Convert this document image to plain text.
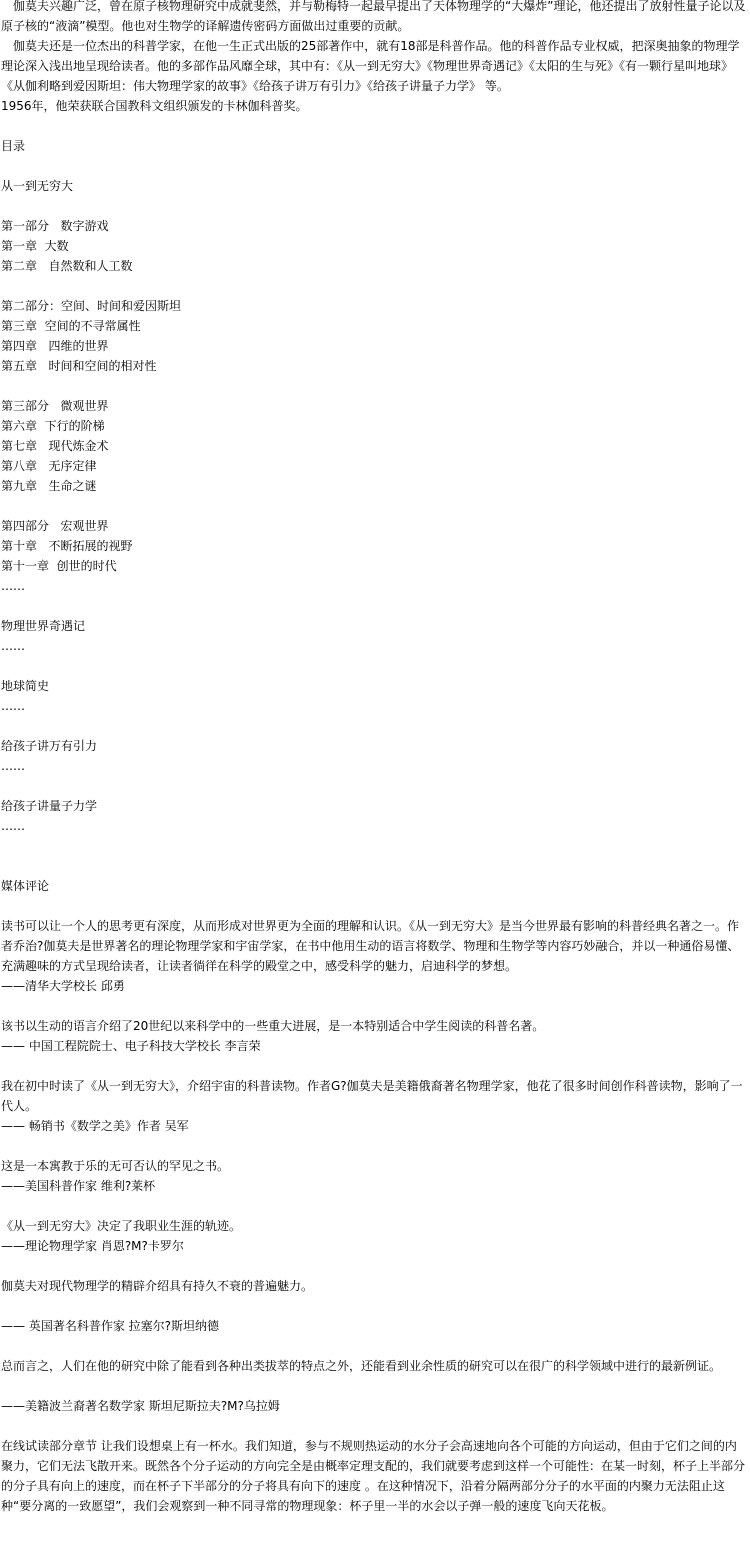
伽莫夫兴趣广泛，曾在原子核物理研究中成就斐然，并与勒梅特一起最早提出了天体物理学的“大爆炸”理论，他还提出了放射性量子论以及原子核的“液滴”模型。他也对生物学的译解遗传密码方面做出过重要的贡献。

伽莫夫还是一位杰出的科普学家，在他一生正式出版的25部著作中，就有18部是科普作品。他的科普作品专业权威，把深奥抽象的物理学理论深入浅出地呈现给读者。他的多部作品风靡全球，其中有：《从一到无穷大》《物理世界奇遇记》《太阳的生与死》《有一颗行星叫地球》《从伽利略到爱因斯坦：伟大物理学家的故事》《给孩子讲万有引力》《给孩子讲量子力学》 等。

1956年，他荣获联合国教科文组织颁发的卡林伽科普奖。

目录

从一到无穷大

第一部分   数字游戏

第一章  大数

第二章   自然数和人工数

第二部分：空间、时间和爱因斯坦

第三章  空间的不寻常属性

第四章   四维的世界

第五章   时间和空间的相对性

第三部分   微观世界

第六章  下行的阶梯

第七章   现代炼金术

第八章   无序定律

第九章   生命之谜

第四部分   宏观世界

第十章   不断拓展的视野

第十一章  创世的时代

……

物理世界奇遇记

……

地球简史

……

给孩子讲万有引力

……

给孩子讲量子力学

……

媒体评论

读书可以让一个人的思考更有深度，从而形成对世界更为全面的理解和认识。《从一到无穷大》是当今世界最有影响的科普经典名著之一。作者乔治?伽莫夫是世界著名的理论物理学家和宇宙学家，在书中他用生动的语言将数学、物理和生物学等内容巧妙融合，并以一种通俗易懂、充满趣味的方式呈现给读者，让读者徜徉在科学的殿堂之中，感受科学的魅力，启迪科学的梦想。

——清华大学校长 邱勇

该书以生动的语言介绍了20世纪以来科学中的一些重大进展，是一本特别适合中学生阅读的科普名著。

—— 中国工程院院士、电子科技大学校长 李言荣

我在初中时读了《从一到无穷大》，介绍宇宙的科普读物。作者G?伽莫夫是美籍俄裔著名物理学家，他花了很多时间创作科普读物，影响了一代人。

—— 畅销书《数学之美》作者 吴军

这是一本寓教于乐的无可否认的罕见之书。

——美国科普作家 维利?莱杯

《从一到无穷大》决定了我职业生涯的轨迹。

——理论物理学家 肖恩?M?卡罗尔

伽莫夫对现代物理学的精辟介绍具有持久不衰的普遍魅力。

—— 英国著名科普作家 拉塞尔?斯坦纳德

总而言之，人们在他的研究中除了能看到各种出类拔萃的特点之外，还能看到业余性质的研究可以在很广的科学领域中进行的最新例证。

——美籍波兰裔著名数学家 斯坦尼斯拉夫?M?乌拉姆

在线试读部分章节 让我们设想桌上有一杯水。我们知道，参与不规则热运动的水分子会高速地向各个可能的方向运动，但由于它们之间的内聚力，它们无法飞散开来。既然各个分子运动的方向完全是由概率定理支配的，我们就要考虑到这样一个可能性：在某一时刻，杯子上半部分的分子具有向上的速度，而在杯子下半部分的分子将具有向下的速度 。在这种情况下，沿着分隔两部分分子的水平面的内聚力无法阻止这种“要分离的一致愿望”，我们会观察到一种不同寻常的物理现象：杯子里一半的水会以子弹一般的速度飞向天花板。
